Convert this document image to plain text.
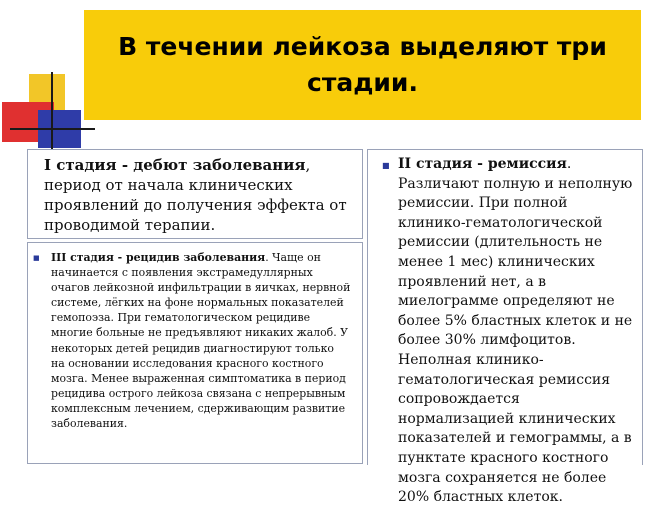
В течении лейкоза выделяют три стадии.
I стадия - дебют заболевания, период от начала клинических проявлений до получения эффекта от проводимой терапии.
■ II стадия - ремиссия. Различают полную и неполную ремиссии. При полной клинико-гематологической ремиссии (длительность не менее 1 мес) клинических проявлений нет, а в миелограмме определяют не более 5% бластных клеток и не более 30% лимфоцитов. Неполная клинико-гематологическая ремиссия сопровождается нормализацией клинических показателей и гемограммы, а в пунктате красного костного мозга сохраняется не более 20% бластных клеток.
■	III стадия - рецидив заболевания. Чаще он начинается с появления экстрамедуллярных очагов лейкозной инфильтрации в яичках, нервной системе, лёгких на фоне нормальных показателей гемопоэза. При гематологическом рецидиве многие больные не предъявляют никаких жалоб. У некоторых детей рецидив диагностируют только на основании исследования красного костного мозга. Менее выраженная симптоматика в период рецидива острого лейкоза связана с непрерывным комплексным лечением, сдерживающим развитие заболевания.
